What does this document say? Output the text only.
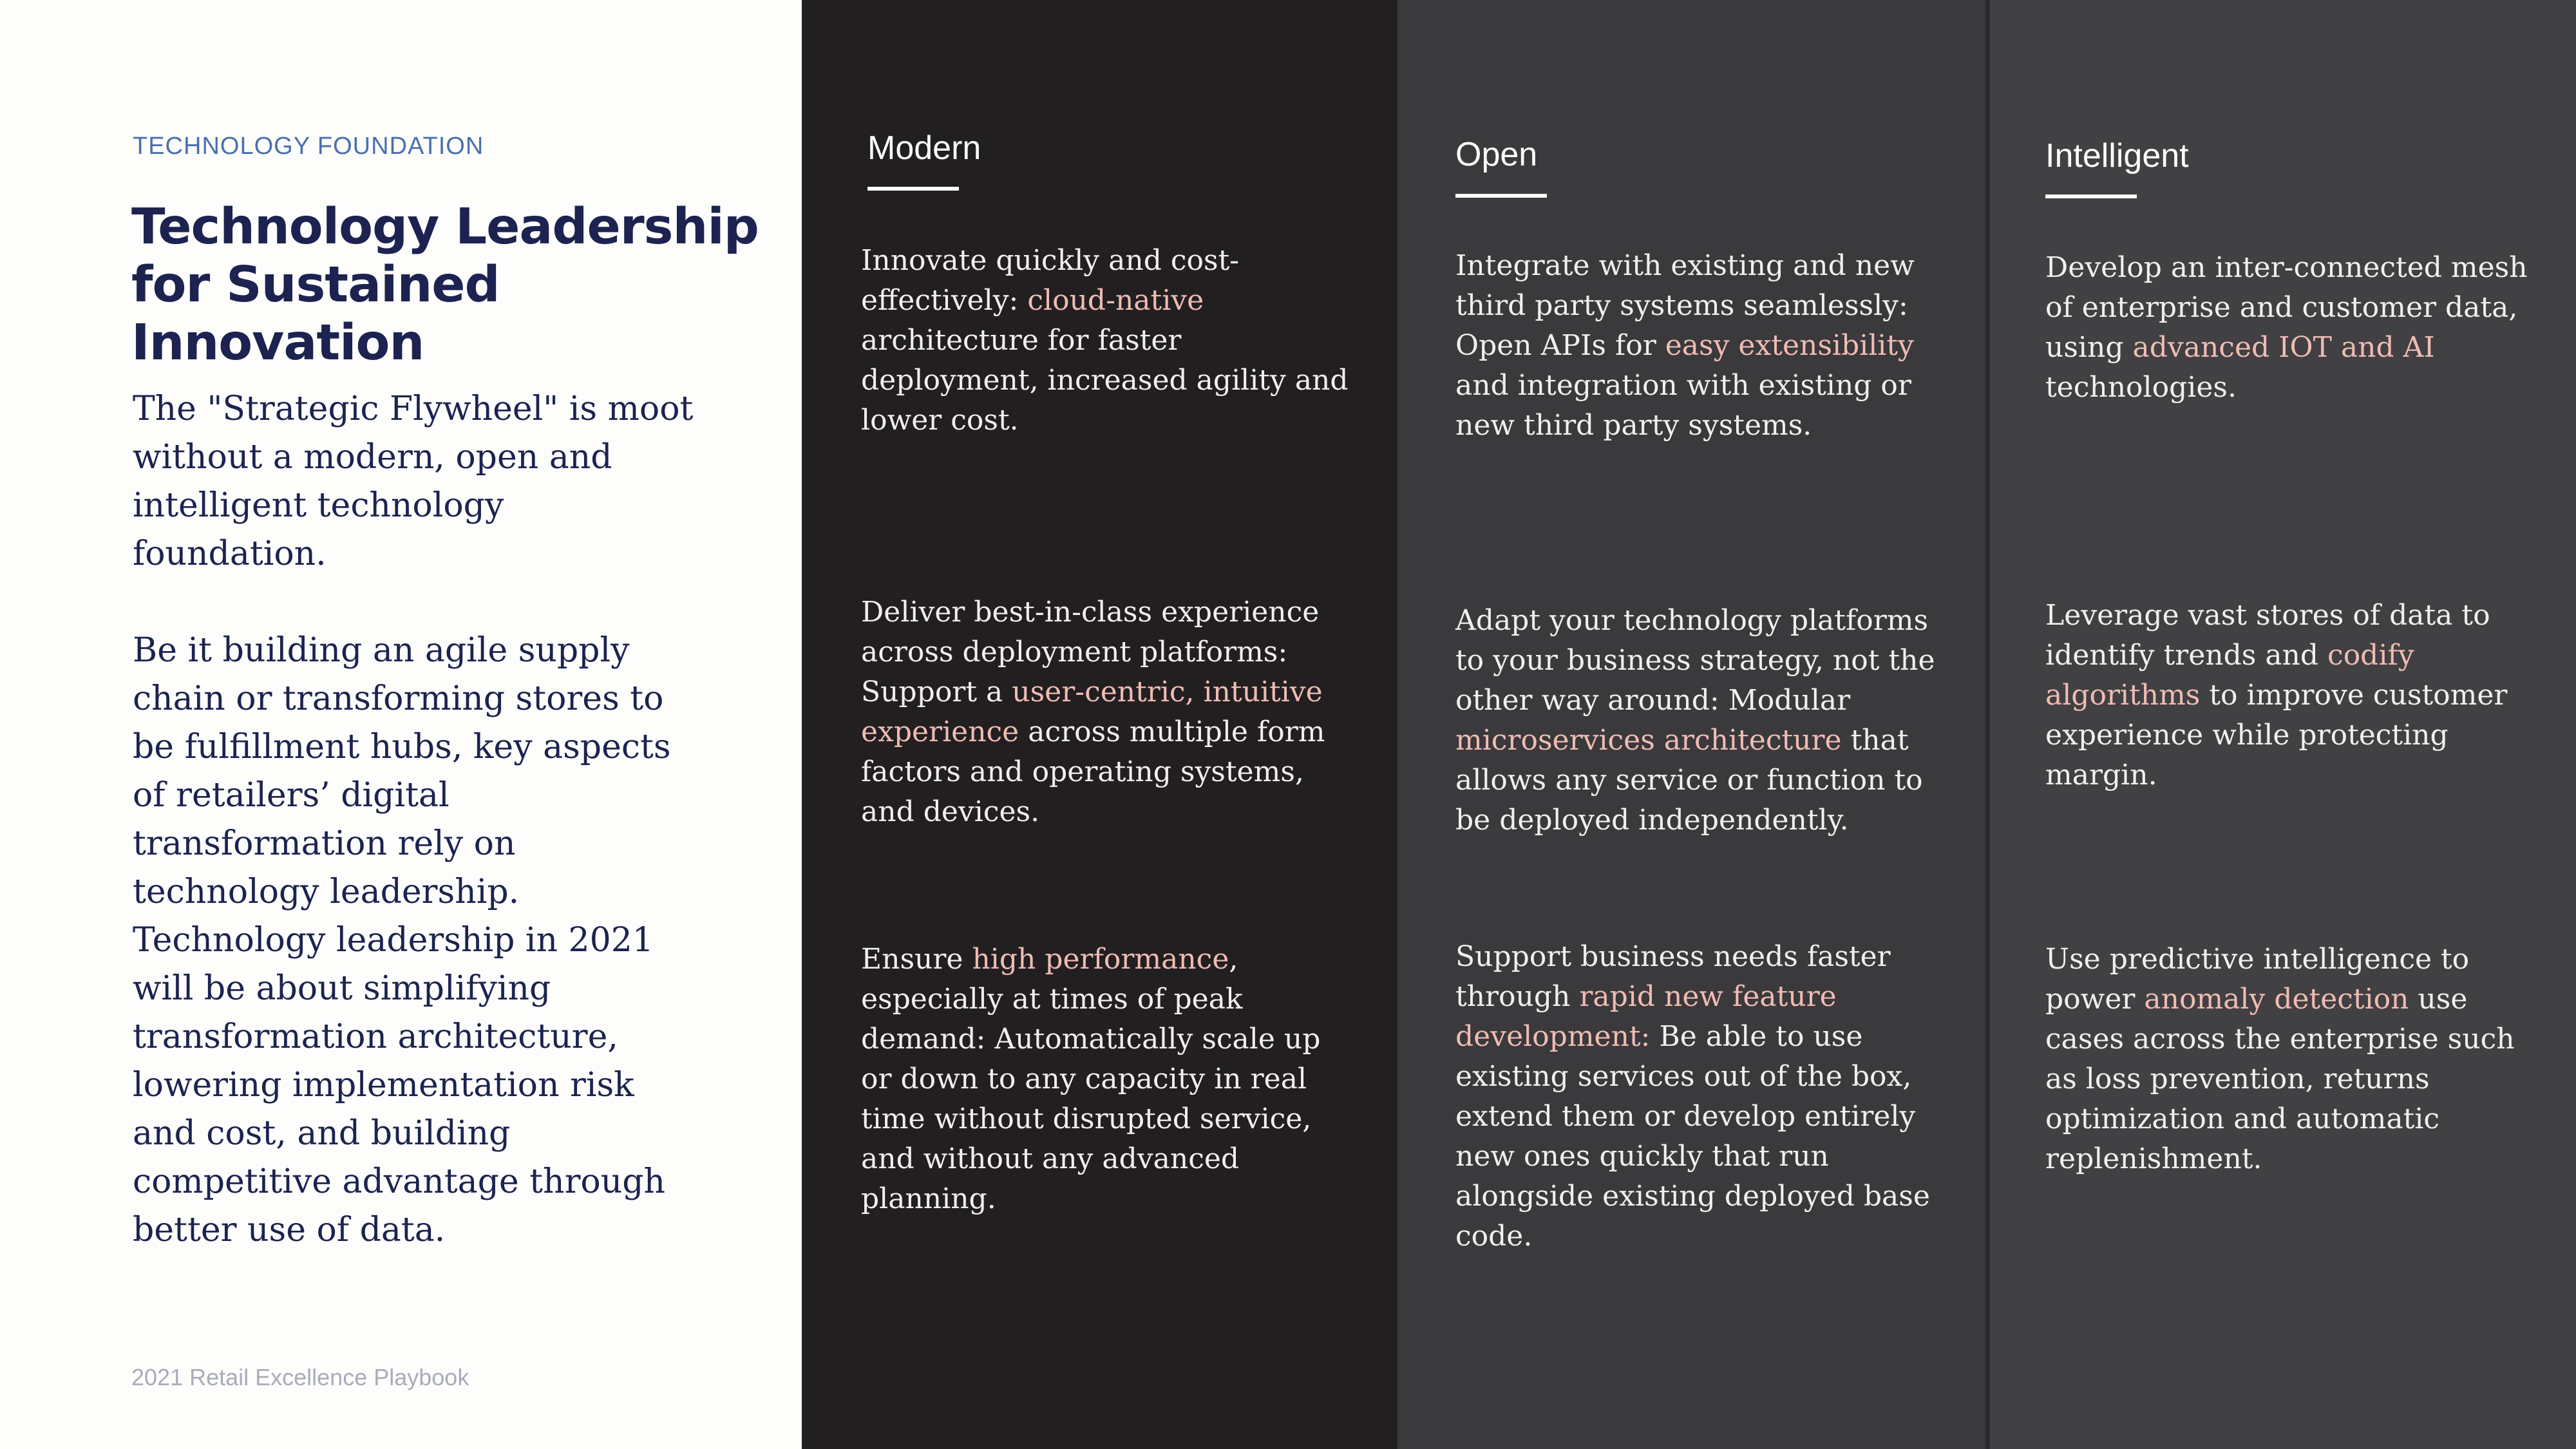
TECHNOLOGY FOUNDATION
Technology Leadership for Sustained Innovation

The "Strategic Flywheel" is moot without a modern, open and intelligent technology foundation.

Be it building an agile supply chain or transforming stores to be fulfillment hubs, key aspects of retailers’ digital transformation rely on technology leadership. Technology leadership in 2021 will be about simplifying transformation architecture, lowering implementation risk and cost, and building competitive advantage through better use of data.

2021 Retail Excellence Playbook
Modern
Innovate quickly and cost-effectively: cloud-native architecture for faster deployment, increased agility and lower cost.
Deliver best-in-class experience across deployment platforms: Support a user-centric, intuitive experience across multiple form factors and operating systems, and devices.
Ensure high performance, especially at times of peak demand: Automatically scale up or down to any capacity in real time without disrupted service, and without any advanced planning.
Open
Integrate with existing and new third party systems seamlessly: Open APIs for easy extensibility and integration with existing or new third party systems.
Adapt your technology platforms to your business strategy, not the other way around: Modular microservices architecture that allows any service or function to be deployed independently.
Support business needs faster through rapid new feature development: Be able to use existing services out of the box, extend them or develop entirely new ones quickly that run alongside existing deployed base code.
Intelligent
Develop an inter-connected mesh of enterprise and customer data, using advanced IOT and AI technologies.
Leverage vast stores of data to identify trends and codify algorithms to improve customer experience while protecting margin.
Use predictive intelligence to power anomaly detection use cases across the enterprise such as loss prevention, returns optimization and automatic replenishment.
